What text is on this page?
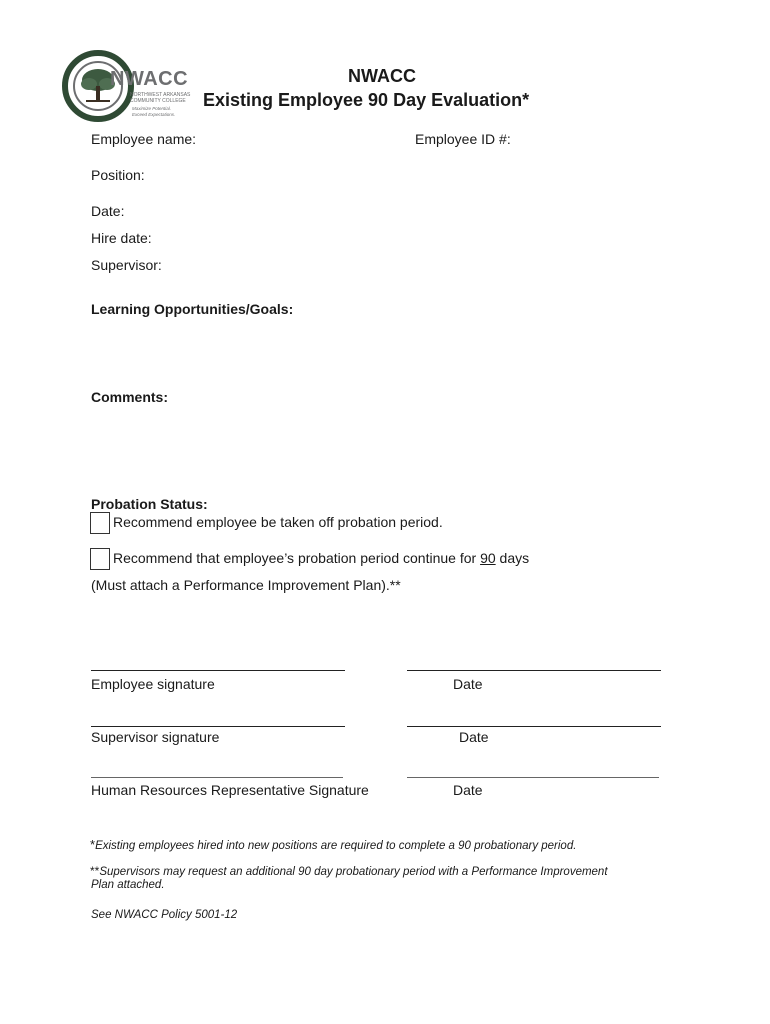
NWACC
NORTHWEST ARKANSAS
COMMUNITY COLLEGE
Maximize Potential.
Exceed Expectations.
NWACC
Existing Employee 90 Day Evaluation*
Employee name:	Employee ID #:
Position:
Date:
Hire date:
Supervisor:
Learning Opportunities/Goals:
Comments:
Probation Status:
Recommend employee be taken off probation period.
Recommend that employee’s probation period continue for 90 days
(Must attach a Performance Improvement Plan).**
Employee signature	Date
Supervisor signature	Date
Human Resources Representative Signature	Date
*Existing employees hired into new positions are required to complete a 90 probationary period.
**Supervisors may request an additional 90 day probationary period with a Performance Improvement
Plan attached.
See NWACC Policy 5001-12
